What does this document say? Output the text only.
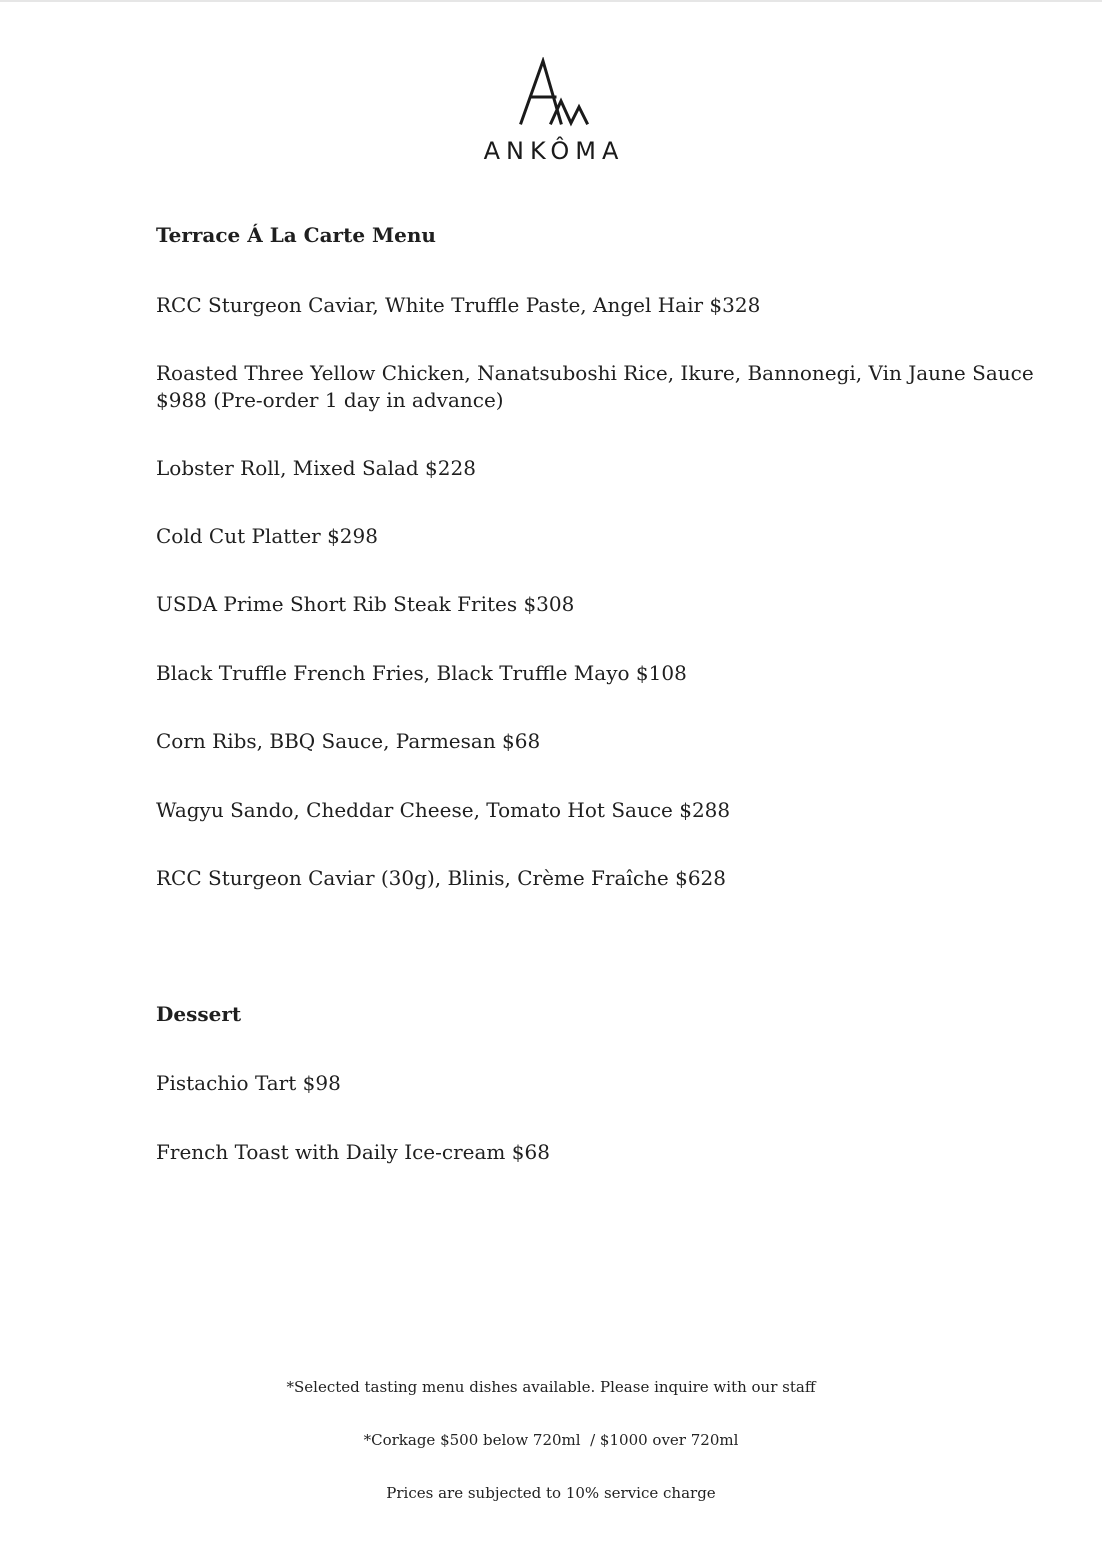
ANKÔMA
Terrace Á La Carte Menu
RCC Sturgeon Caviar, White Truffle Paste, Angel Hair $328
Roasted Three Yellow Chicken, Nanatsuboshi Rice, Ikure, Bannonegi, Vin Jaune Sauce
$988 (Pre-order 1 day in advance)
Lobster Roll, Mixed Salad $228
Cold Cut Platter $298
USDA Prime Short Rib Steak Frites $308
Black Truffle French Fries, Black Truffle Mayo $108
Corn Ribs, BBQ Sauce, Parmesan $68
Wagyu Sando, Cheddar Cheese, Tomato Hot Sauce $288
RCC Sturgeon Caviar (30g), Blinis, Crème Fraîche $628
Dessert
Pistachio Tart $98
French Toast with Daily Ice-cream $68
*Selected tasting menu dishes available. Please inquire with our staff
*Corkage $500 below 720ml  / $1000 over 720ml
Prices are subjected to 10% service charge
